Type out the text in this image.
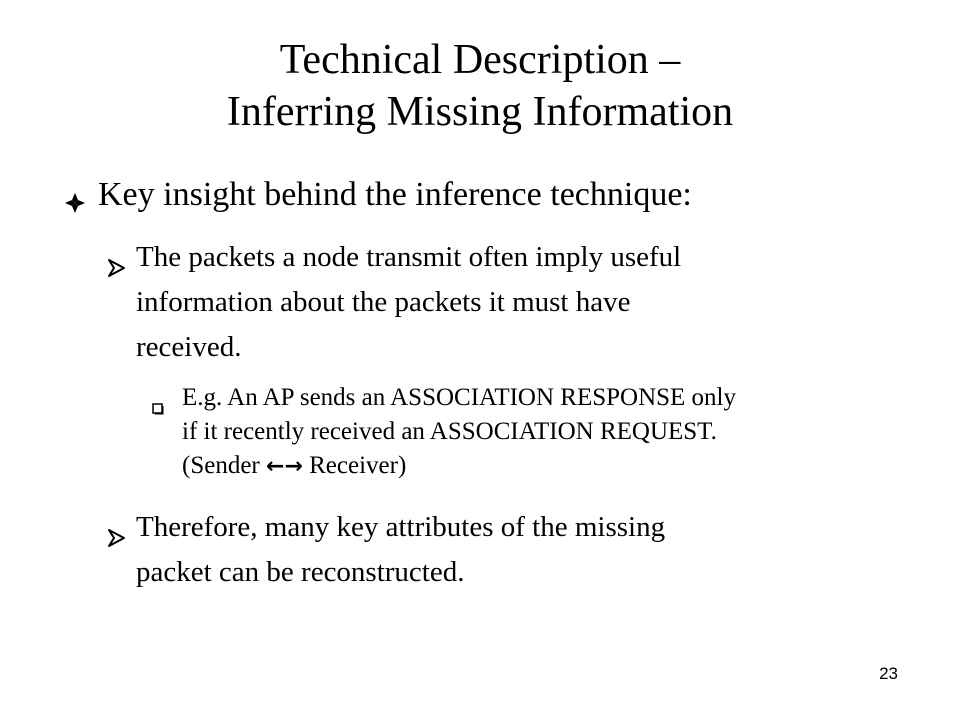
Technical Description –
Inferring Missing Information
Key insight behind the inference technique:
The packets a node transmit often imply useful
information about the packets it must have
received.
E.g. An AP sends an ASSOCIATION RESPONSE only
if it recently received an ASSOCIATION REQUEST.
(Sender ←→ Receiver)
Therefore, many key attributes of the missing
packet can be reconstructed.
23
